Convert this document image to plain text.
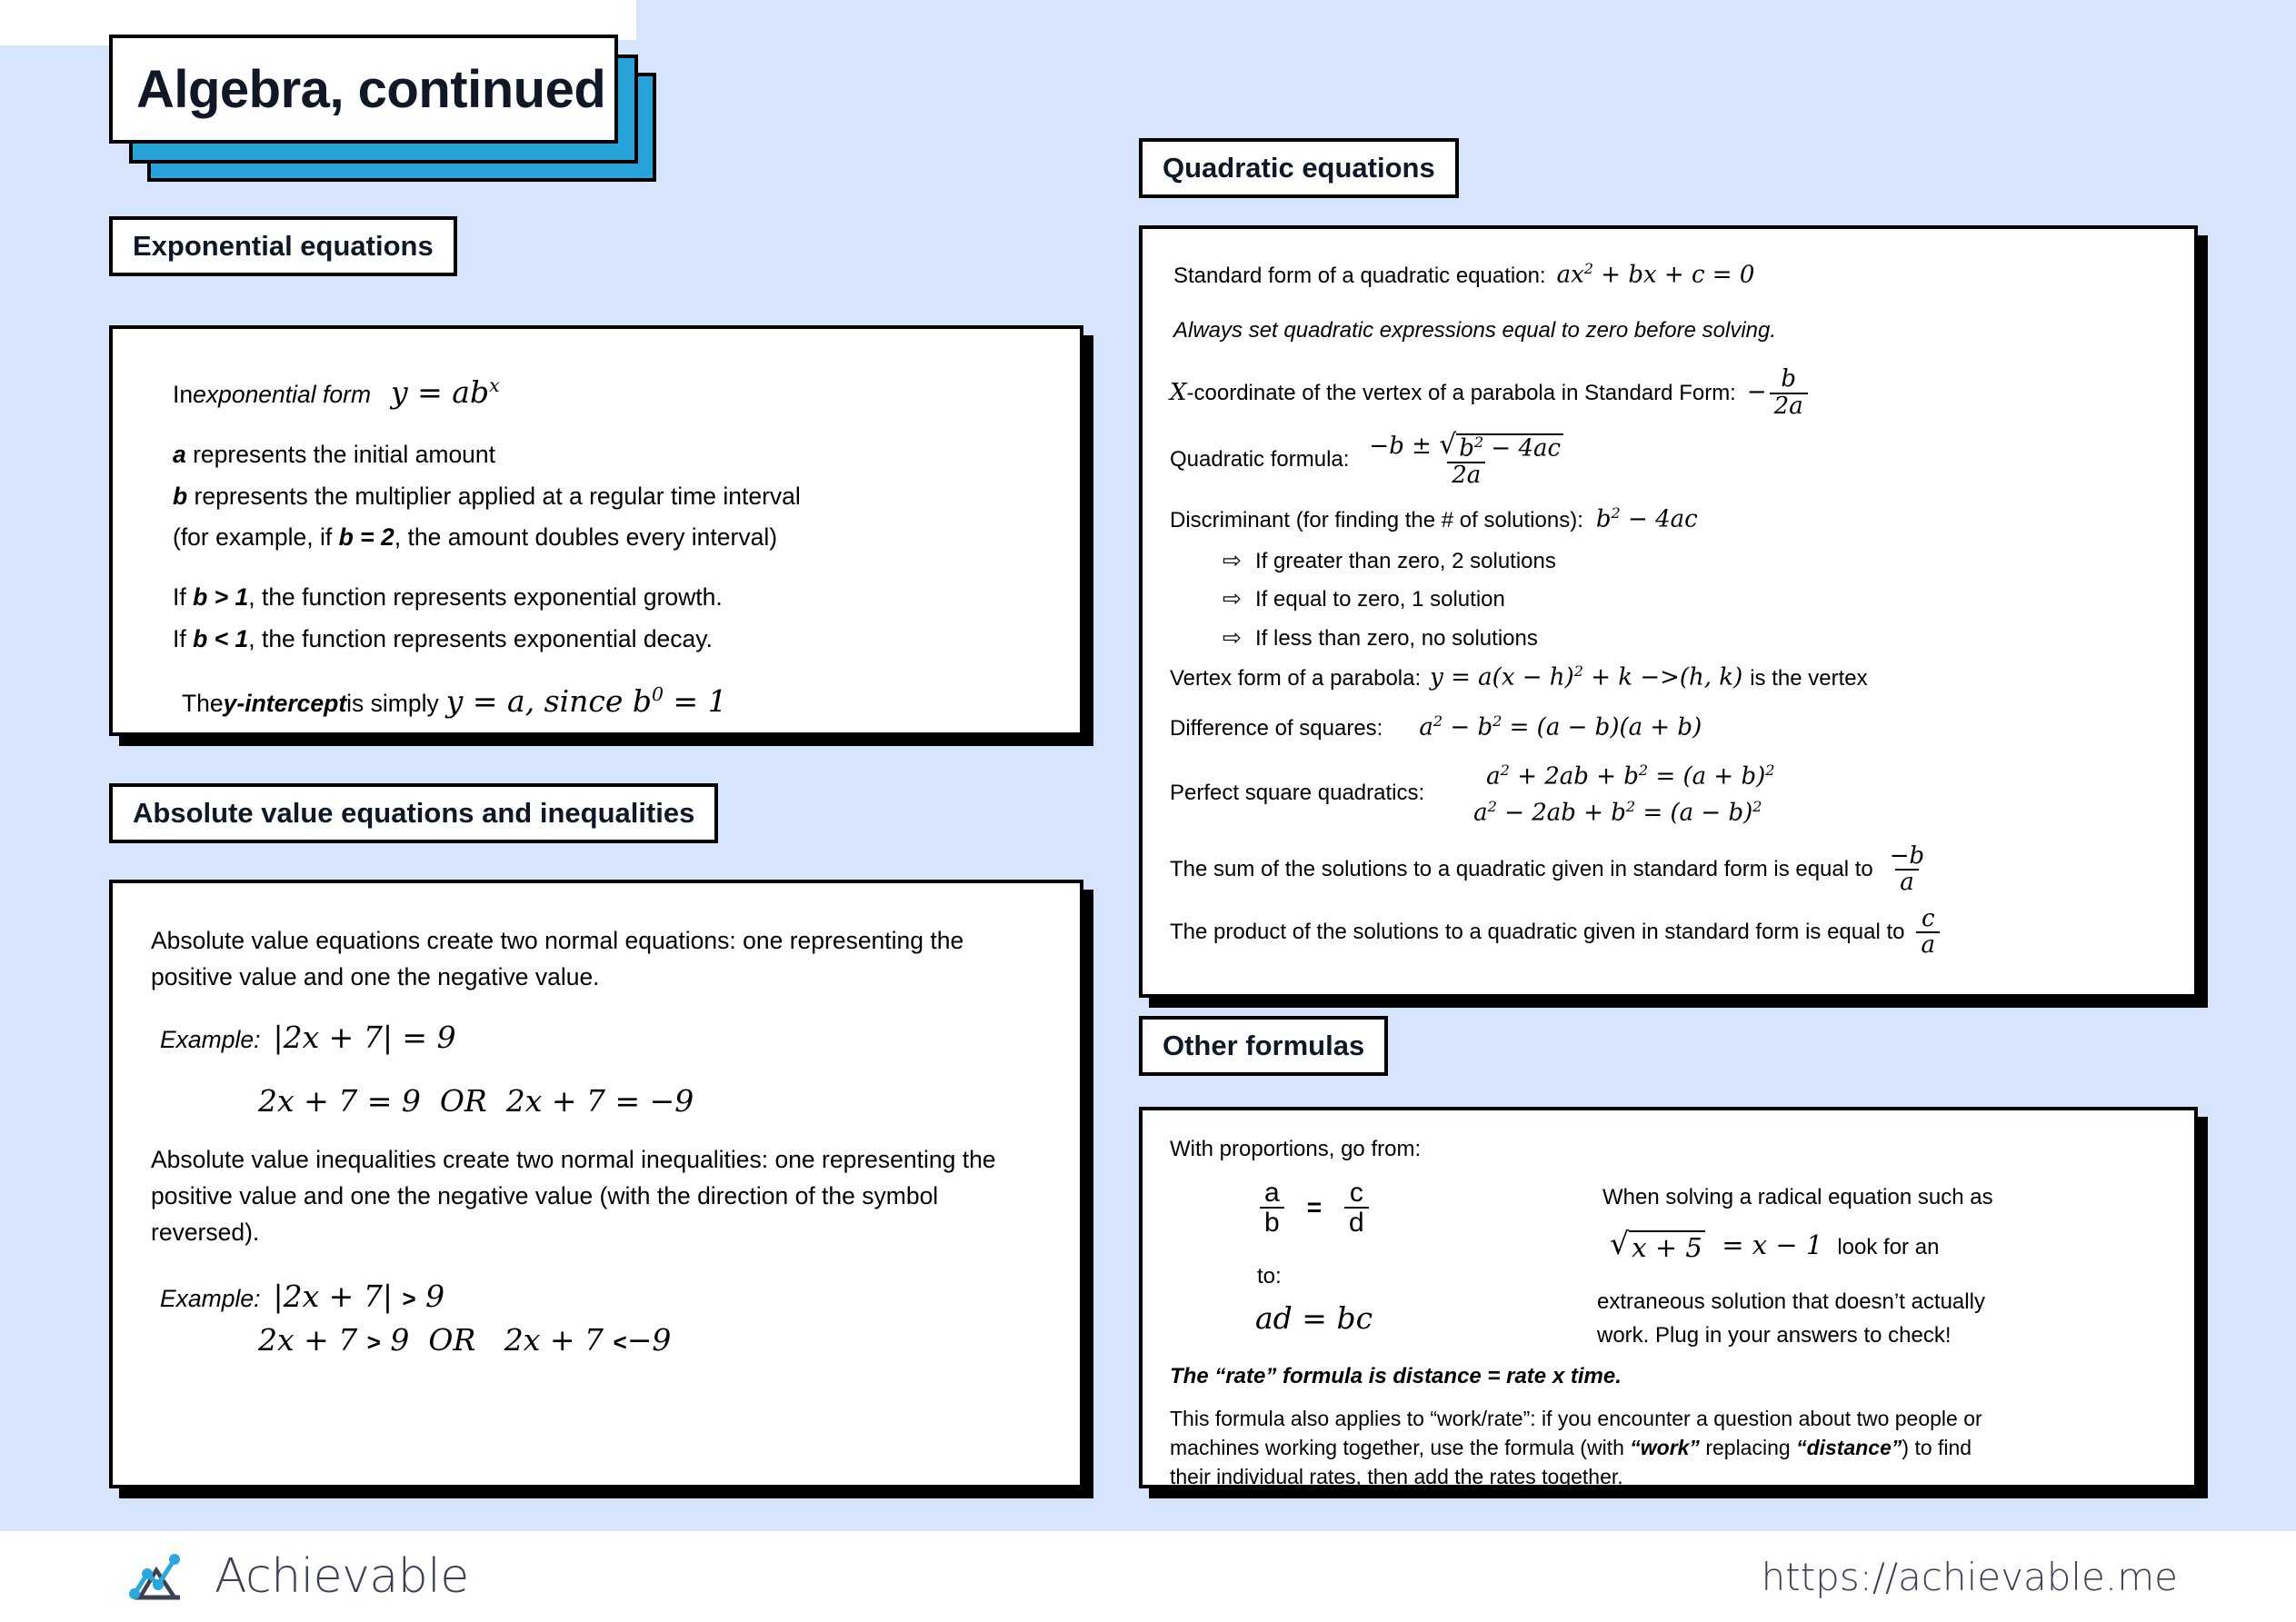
Algebra, continued
Exponential equations
In exponential form $y = ab^x$
a represents the initial amount
b represents the multiplier applied at a regular time interval
(for example, if b = 2, the amount doubles every interval)
If b > 1, the function represents exponential growth.
If b < 1, the function represents exponential decay.
The y-intercept is simply y = a, since $b^0 = 1$
Absolute value equations and inequalities
Absolute value equations create two normal equations: one representing the positive value and one the negative value.
Example: |2x + 7| = 9
2x + 7 = 9  OR  2x + 7 = −9
Absolute value inequalities create two normal inequalities: one representing the positive value and one the negative value (with the direction of the symbol reversed).
Example: |2x + 7| > 9
2x + 7 > 9  OR   2x + 7 <−9
Quadratic equations
Standard form of a quadratic equation: $ax^2$ + bx + c = 0
Always set quadratic expressions equal to zero before solving.
X -coordinate of the vertex of a parabola in Standard Form: − $\frac{b}{2a}$
Quadratic formula: $\frac{-b \pm √ b^2 - 4ac}{2a}$
Discriminant (for finding the # of solutions): $b^2 - 4ac$
⇨ If greater than zero, 2 solutions
⇨ If equal to zero, 1 solution
⇨ If less than zero, no solutions
Vertex form of a parabola: $y = a(x - h)^2 + k ->(h$, k) is the vertex
Difference of squares: $a^2 - b^2 = (a - b)(a + b)$
Perfect square quadratics:
$a^2 + 2ab + b^2 = (a + b)^2$
$a^2 - 2ab + b^2 = (a - b)^2$
The sum of the solutions to a quadratic given in standard form is equal to $\frac{-b}{a}$
The product of the solutions to a quadratic given in standard form is equal to $\frac{c}{a}$
Other formulas
With proportions, go from:
$\frac{a}{b} = \frac{c}{d}$
to:
ad = bc
When solving a radical equation such as
√ x + 5 = x − 1 look for an
extraneous solution that doesn’t actually
work. Plug in your answers to check!
The “rate” formula is distance = rate x time.
This formula also applies to “work/rate”: if you encounter a question about two people or
machines working together, use the formula (with “work” replacing “distance”) to find
their individual rates, then add the rates together.
Achievable	https://achievable.me
